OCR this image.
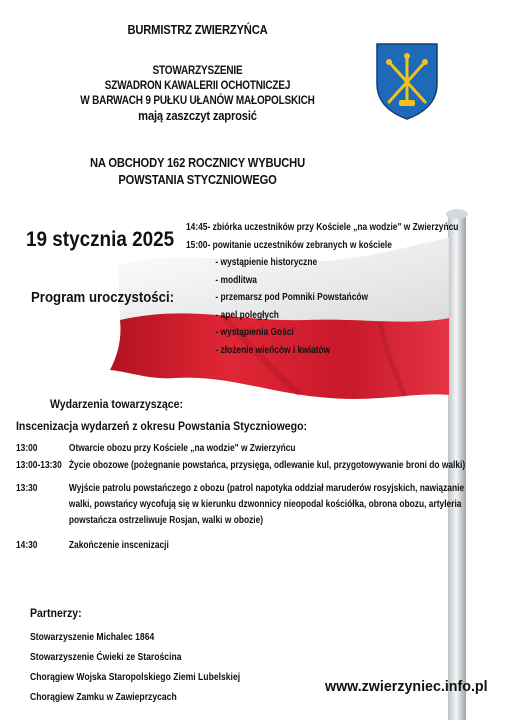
BURMISTRZ ZWIERZYŃCA
STOWARZYSZENIE
SZWADRON KAWALERII OCHOTNICZEJ
W BARWACH 9 PUŁKU UŁANÓW MAŁOPOLSKICH
mają zaszczyt zaprosić
NA OBCHODY 162 ROCZNICY WYBUCHU
POWSTANIA STYCZNIOWEGO
19 stycznia 2025
Program uroczystości:
14:45- zbiórka uczestników przy Kościele „na wodzie" w Zwierzyńcu
15:00- powitanie uczestników zebranych w kościele
- wystąpienie historyczne
- modlitwa
- przemarsz pod Pomniki Powstańców
- apel poległych
- wystąpienia Gości
- złożenie wieńców i kwiatów
Wydarzenia towarzyszące:
Inscenizacja wydarzeń z okresu Powstania Styczniowego:
13:00	Otwarcie obozu przy Kościele „na wodzie" w Zwierzyńcu
13:00-13:30 Życie obozowe (pożegnanie powstańca, przysięga, odlewanie kul, przygotowywanie broni do walki)
13:30	Wyjście patrolu powstańczego z obozu (patrol napotyka oddział maruderów rosyjskich, nawiązanie
walki, powstańcy wycofują się w kierunku dzwonnicy nieopodal kościółka, obrona obozu, artyleria
powstańcza ostrzeliwuje Rosjan, walki w obozie)
14:30	Zakończenie inscenizacji
Partnerzy:
Stowarzyszenie Michalec 1864
Stowarzyszenie Ćwieki ze Starościna
Chorągiew Wojska Staropolskiego Ziemi Lubelskiej
Chorągiew Zamku w Zawieprzycach
www.zwierzyniec.info.pl
